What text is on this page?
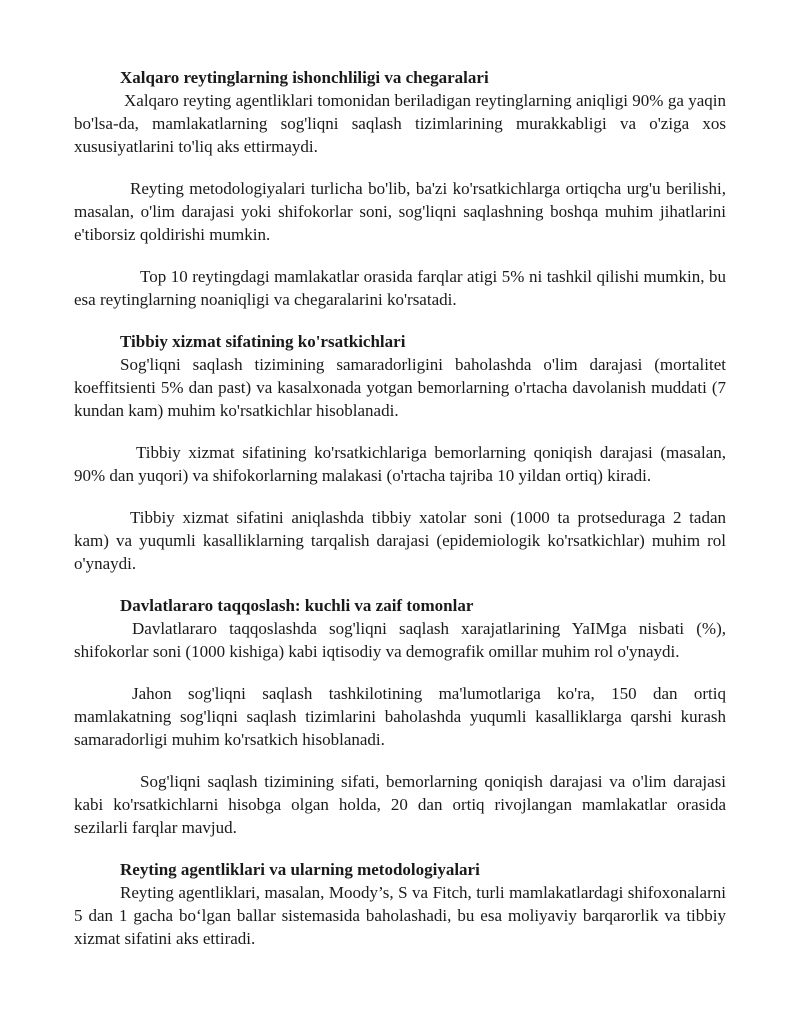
Xalqaro reytinglarning ishonchliligi va chegaralari

Xalqaro reyting agentliklari tomonidan beriladigan reytinglarning aniqligi 90% ga yaqin bo'lsa-da, mamlakatlarning sog'liqni saqlash tizimlarining murakkabligi va o'ziga xos xususiyatlarini to'liq aks ettirmaydi.

Reyting metodologiyalari turlicha bo'lib, ba'zi ko'rsatkichlarga ortiqcha urg'u berilishi, masalan, o'lim darajasi yoki shifokorlar soni, sog'liqni saqlashning boshqa muhim jihatlarini e'tiborsiz qoldirishi mumkin.

Top 10 reytingdagi mamlakatlar orasida farqlar atigi 5% ni tashkil qilishi mumkin, bu esa reytinglarning noaniqligi va chegaralarini ko'rsatadi.

Tibbiy xizmat sifatining ko'rsatkichlari

Sog'liqni saqlash tizimining samaradorligini baholashda o'lim darajasi (mortalitet koeffitsienti 5% dan past) va kasalxonada yotgan bemorlarning o'rtacha davolanish muddati (7 kundan kam) muhim ko'rsatkichlar hisoblanadi.

Tibbiy xizmat sifatining ko'rsatkichlariga bemorlarning qoniqish darajasi (masalan, 90% dan yuqori) va shifokorlarning malakasi (o'rtacha tajriba 10 yildan ortiq) kiradi.

Tibbiy xizmat sifatini aniqlashda tibbiy xatolar soni (1000 ta protseduraga 2 tadan kam) va yuqumli kasalliklarning tarqalish darajasi (epidemiologik ko'rsatkichlar) muhim rol o'ynaydi.

Davlatlararo taqqoslash: kuchli va zaif tomonlar

Davlatlararo taqqoslashda sog'liqni saqlash xarajatlarining YaIMga nisbati (%), shifokorlar soni (1000 kishiga) kabi iqtisodiy va demografik omillar muhim rol o'ynaydi.

Jahon sog'liqni saqlash tashkilotining ma'lumotlariga ko'ra, 150 dan ortiq mamlakatning sog'liqni saqlash tizimlarini baholashda yuqumli kasalliklarga qarshi kurash samaradorligi muhim ko'rsatkich hisoblanadi.

Sog'liqni saqlash tizimining sifati, bemorlarning qoniqish darajasi va o'lim darajasi kabi ko'rsatkichlarni hisobga olgan holda, 20 dan ortiq rivojlangan mamlakatlar orasida sezilarli farqlar mavjud.

Reyting agentliklari va ularning metodologiyalari

Reyting agentliklari, masalan, Moody’s, S va Fitch, turli mamlakatlardagi shifoxonalarni 5 dan 1 gacha bo‘lgan ballar sistemasida baholashadi, bu esa moliyaviy barqarorlik va tibbiy xizmat sifatini aks ettiradi.
